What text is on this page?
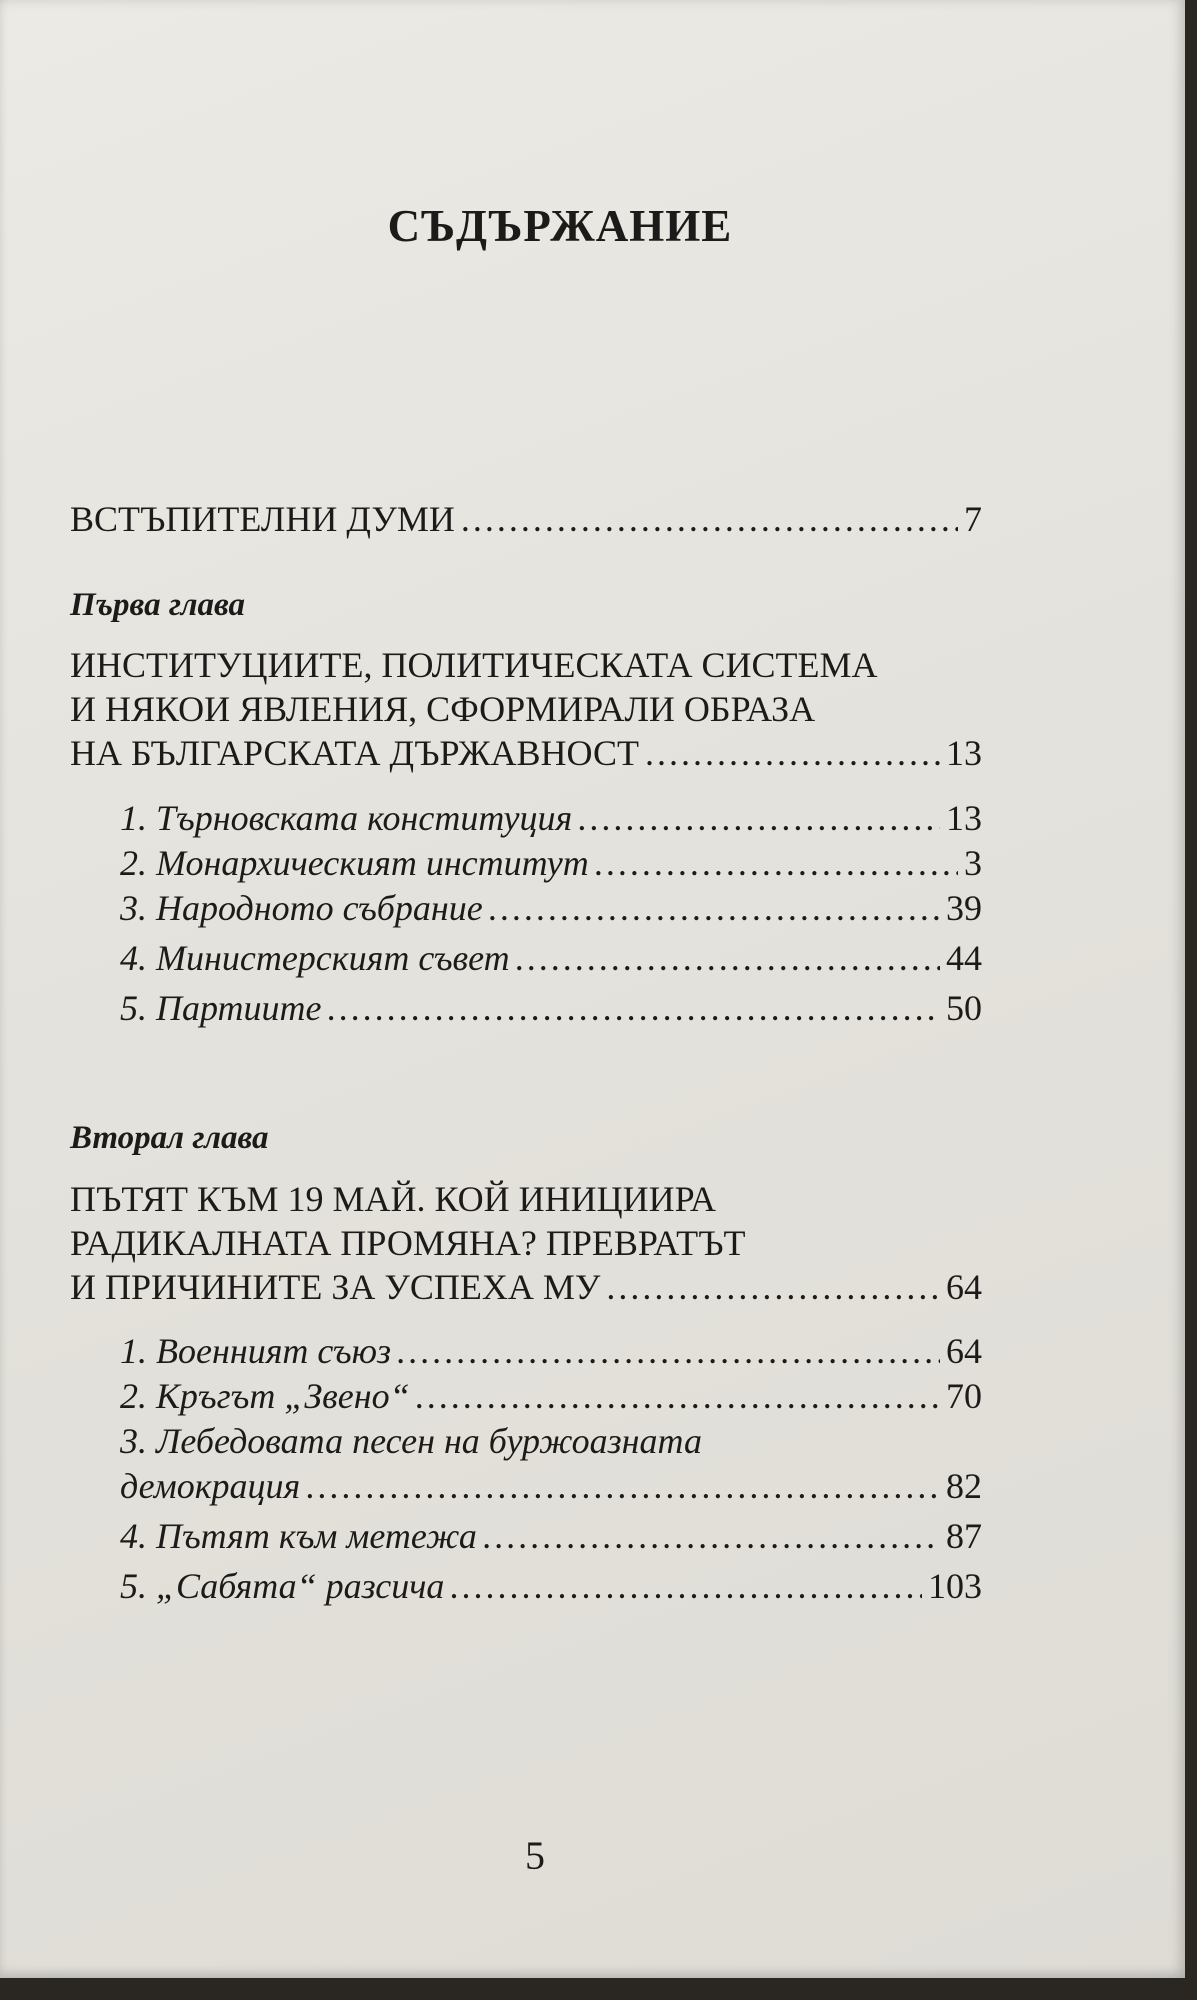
СЪДЪРЖАНИЕ
ВСТЪПИТЕЛНИ ДУМИ .....	7
Първа глава
ИНСТИТУЦИИТЕ, ПОЛИТИЧЕСКАТА СИСТЕМА
И НЯКОИ ЯВЛЕНИЯ, СФОРМИРАЛИ ОБРАЗА
НА БЪЛГАРСКАТА ДЪРЖАВНОСТ .....	13
1. Търновската конституция .....	13
2. Монархическият институт .....	3
3. Народното събрание .....	39
4. Министерският съвет .....	44
5. Партиите .....	50
Вторал глава
ПЪТЯТ КЪМ 19 МАЙ. КОЙ ИНИЦИИРА
РАДИКАЛНАТА ПРОМЯНА? ПРЕВРАТЪТ
И ПРИЧИНИТЕ ЗА УСПЕХА МУ .....	64
1. Военният съюз .....	64
2. Кръгът „Звено“ .....	70
3. Лебедовата песен на буржоазната
демокрация .....	82
4. Пътят към метежа .....	87
5. „Сабята“ разсича .....	103
5
